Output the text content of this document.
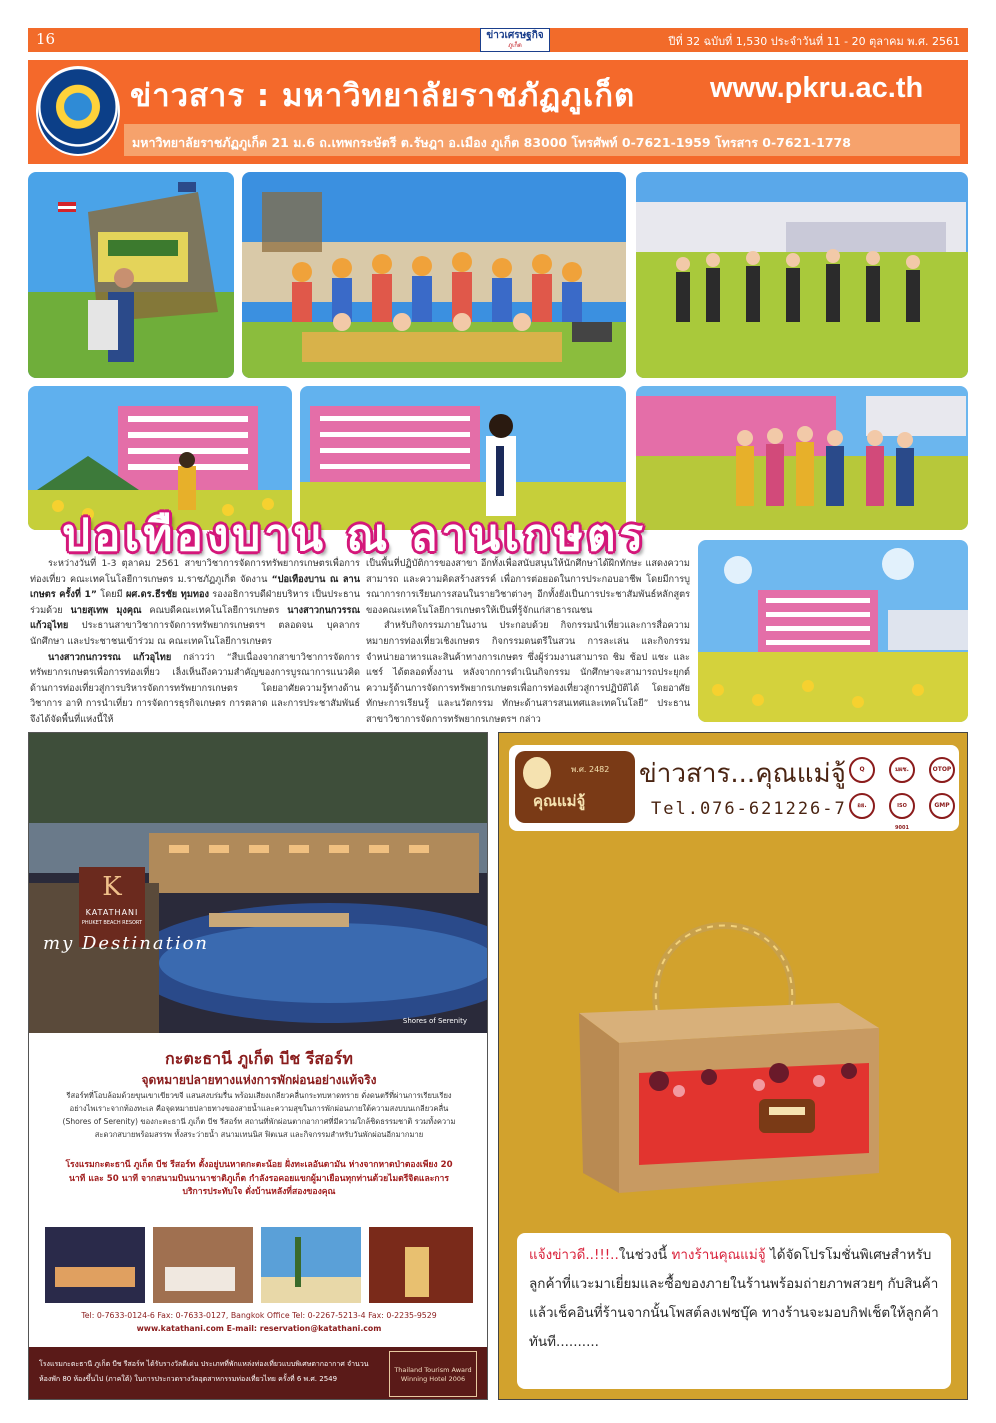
16	ข่าวเศรษฐกิจ
ภูเก็ต	ปีที่ 32 ฉบับที่ 1,530 ประจำวันที่ 11 - 20 ตุลาคม พ.ศ. 2561
ข่าวสาร : มหาวิทยาลัยราชภัฏภูเก็ต	www.pkru.ac.th
มหาวิทยาลัยราชภัฏภูเก็ต 21 ม.6 ถ.เทพกระษัตรี ต.รัษฎา อ.เมือง ภูเก็ต 83000 โทรศัพท์ 0-7621-1959 โทรสาร 0-7621-1778
ปอเทืองบาน ณ ลานเกษตร

ระหว่างวันที่ 1-3 ตุลาคม 2561 สาขาวิชาการจัดการทรัพยากรเกษตรเพื่อการท่องเที่ยว คณะเทคโนโลยีการเกษตร ม.ราชภัฏภูเก็ต จัดงาน “ปอเทืองบาน ณ ลานเกษตร ครั้งที่ 1” โดยมี ผศ.ดร.ธีรชัย ทุมทอง รองอธิการบดีฝ่ายบริหาร เป็นประธาน ร่วมด้วย นายสุเทพ มุงคุณ คณบดีคณะเทคโนโลยีการเกษตร นางสาวกนกวรรณ แก้วอุไทย ประธานสาขาวิชาการจัดการทรัพยากรเกษตรฯ ตลอดจน บุคลากร นักศึกษา และประชาชนเข้าร่วม ณ คณะเทคโนโลยีการเกษตร

นางสาวกนกวรรณ แก้วอุไทย กล่าวว่า “สืบเนื่องจากสาขาวิชาการจัดการทรัพยากรเกษตรเพื่อการท่องเที่ยว เล็งเห็นถึงความสำคัญของการบูรณาการแนวคิดด้านการท่องเที่ยวสู่การบริหารจัดการทรัพยากรเกษตร โดยอาศัยความรู้ทางด้านวิชาการ อาทิ การนำเที่ยว การจัดการธุรกิจเกษตร การตลาด และการประชาสัมพันธ์ จึงได้จัดพื้นที่แห่งนี้ให้

เป็นพื้นที่ปฏิบัติการของสาขา อีกทั้งเพื่อสนับสนุนให้นักศึกษาได้ฝึกทักษะ แสดงความสามารถ และความคิดสร้างสรรค์ เพื่อการต่อยอดในการประกอบอาชีพ โดยมีการบูรณาการการเรียนการสอนในรายวิชาต่างๆ อีกทั้งยังเป็นการประชาสัมพันธ์หลักสูตรของคณะเทคโนโลยีการเกษตรให้เป็นที่รู้จักแก่สาธารณชน

สำหรับกิจกรรมภายในงาน ประกอบด้วย กิจกรรมนำเที่ยวและการสื่อความหมายการท่องเที่ยวเชิงเกษตร กิจกรรมดนตรีในสวน การละเล่น และกิจกรรมจำหน่ายอาหารและสินค้าทางการเกษตร ซึ่งผู้ร่วมงานสามารถ ชิม ช้อป แชะ และแชร์ ได้ตลอดทั้งงาน หลังจากการดำเนินกิจกรรม นักศึกษาจะสามารถประยุกต์ความรู้ด้านการจัดการทรัพยากรเกษตรเพื่อการท่องเที่ยวสู่การปฏิบัติได้ โดยอาศัยทักษะการเรียนรู้ และนวัตกรรม ทักษะด้านสารสนเทศและเทคโนโลยี” ประธานสาขาวิชาการจัดการทรัพยากรเกษตรฯ กล่าว

K
KATATHANI
PHUKET BEACH RESORT
my Destination
Shores of Serenity
กะตะธานี ภูเก็ต บีช รีสอร์ท
จุดหมายปลายทางแห่งการพักผ่อนอย่างแท้จริง
รีสอร์ทที่โอบล้อมด้วยขุนเขาเขียวขจี แสนสงบร่มรื่น พร้อมเสียงเกลียวคลื่นกระทบหาดทราย ดั่งดนตรีที่ผ่านการเรียบเรียงอย่างไพเราะจากท้องทะเล คือจุดหมายปลายทางของสายน้ำและความสุขในการพักผ่อนภายใต้ความสงบบนเกลียวคลื่น (Shores of Serenity) ของกะตะธานี ภูเก็ต บีช รีสอร์ท สถานที่พักผ่อนตากอากาศที่มีความใกล้ชิดธรรมชาติ รวมทั้งความสะดวกสบายพร้อมสรรพ ทั้งสระว่ายน้ำ สนามเทนนิส ฟิตเนส และกิจกรรมสำหรับวันพักผ่อนอีกมากมาย
โรงแรมกะตะธานี ภูเก็ต บีช รีสอร์ท ตั้งอยู่บนหาดกะตะน้อย ฝั่งทะเลอันดามัน ห่างจากหาดป่าตองเพียง 20 นาที และ 50 นาที จากสนามบินนานาชาติภูเก็ต กำลังรอคอยแขกผู้มาเยือนทุกท่านด้วยไมตรีจิตและการบริการประทับใจ ดั่งบ้านหลังที่สองของคุณ
Tel: 0-7633-0124-6 Fax: 0-7633-0127, Bangkok Office Tel: 0-2267-5213-4 Fax: 0-2235-9529
www.katathani.com E-mail: reservation@katathani.com
โรงแรมกะตะธานี ภูเก็ต บีช รีสอร์ท ได้รับรางวัลดีเด่น ประเภทที่พักแหล่งท่องเที่ยวแบบพิเศษตากอากาศ จำนวนห้องพัก 80 ห้องขึ้นไป (ภาคใต้) ในการประกวดรางวัลอุตสาหกรรมท่องเที่ยวไทย ครั้งที่ 6 พ.ศ. 2549
Thailand Tourism Award Winning Hotel 2006
พ.ศ. 2482
คุณแม่จู้
ข่าวสาร...คุณแม่จู้
Tel.076-621226-7
Q	มผช.	OTOP
อย.	ISO 9001
GMP

แจ้งข่าวดี..!!!..ในช่วงนี้ ทางร้านคุณแม่จู้ ได้จัดโปรโมชั่นพิเศษสำหรับลูกค้าที่แวะมาเยี่ยมและซื้อของภายในร้านพร้อมถ่ายภาพสวยๆ กับสินค้าแล้วเช็คอินที่ร้านจากนั้นโพสต์ลงเฟซบุ๊ค ทางร้านจะมอบกิฟเช็ตให้ลูกค้าทันที..........
